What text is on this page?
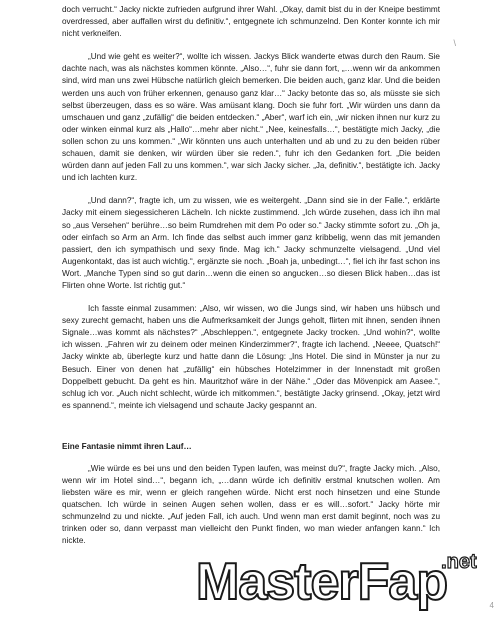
doch verrucht.“ Jacky nickte zufrieden aufgrund ihrer Wahl. „Okay, damit bist du in der Kneipe bestimmt overdressed, aber auffallen wirst du definitiv.“, entgegnete ich schmunzelnd. Den Konter konnte ich mir nicht verkneifen.

„Und wie geht es weiter?“, wollte ich wissen. Jackys Blick wanderte etwas durch den Raum. Sie dachte nach, was als nächstes kommen könnte. „Also…“, fuhr sie dann fort, „…wenn wir da ankommen sind, wird man uns zwei Hübsche natürlich gleich bemerken. Die beiden auch, ganz klar. Und die beiden werden uns auch von früher erkennen, genauso ganz klar…“ Jacky betonte das so, als müsste sie sich selbst überzeugen, dass es so wäre. Was amüsant klang. Doch sie fuhr fort. „Wir würden uns dann da umschauen und ganz „zufällig“ die beiden entdecken.“ „Aber“, warf ich ein, „wir nicken ihnen nur kurz zu oder winken einmal kurz als „Hallo“…mehr aber nicht.“ „Nee, keinesfalls…“, bestätigte mich Jacky, „die sollen schon zu uns kommen.“ „Wir könnten uns auch unterhalten und ab und zu zu den beiden rüber schauen, damit sie denken, wir würden über sie reden.“, fuhr ich den Gedanken fort. „Die beiden würden dann auf jeden Fall zu uns kommen.“, war sich Jacky sicher. „Ja, definitiv.“, bestätigte ich. Jacky und ich lachten kurz.

„Und dann?“, fragte ich, um zu wissen, wie es weitergeht. „Dann sind sie in der Falle.“, erklärte Jacky mit einem siegessicheren Lächeln. Ich nickte zustimmend. „Ich würde zusehen, dass ich ihn mal so „aus Versehen“ berühre…so beim Rumdrehen mit dem Po oder so.“ Jacky stimmte sofort zu. „Oh ja, oder einfach so Arm an Arm. Ich finde das selbst auch immer ganz kribbelig, wenn das mit jemanden passiert, den ich sympathisch und sexy finde. Mag ich.“ Jacky schmunzelte vielsagend. „Und viel Augenkontakt, das ist auch wichtig.“, ergänzte sie noch. „Boah ja, unbedingt…“, fiel ich ihr fast schon ins Wort. „Manche Typen sind so gut darin…wenn die einen so angucken…so diesen Blick haben…das ist Flirten ohne Worte. Ist richtig gut.“

Ich fasste einmal zusammen: „Also, wir wissen, wo die Jungs sind, wir haben uns hübsch und sexy zurecht gemacht, haben uns die Aufmerksamkeit der Jungs geholt, flirten mit ihnen, senden ihnen Signale…was kommt als nächstes?“ „Abschleppen.“, entgegnete Jacky trocken. „Und wohin?“, wollte ich wissen. „Fahren wir zu deinem oder meinen Kinderzimmer?“, fragte ich lachend. „Neeee, Quatsch!“ Jacky winkte ab, überlegte kurz und hatte dann die Lösung: „Ins Hotel. Die sind in Münster ja nur zu Besuch. Einer von denen hat „zufällig“ ein hübsches Hotelzimmer in der Innenstadt mit großen Doppelbett gebucht. Da geht es hin. Mauritzhof wäre in der Nähe.“ „Oder das Mövenpick am Aasee.“, schlug ich vor. „Auch nicht schlecht, würde ich mitkommen.“, bestätigte Jacky grinsend. „Okay, jetzt wird es spannend.“, meinte ich vielsagend und schaute Jacky gespannt an.

Eine Fantasie nimmt ihren Lauf…

„Wie würde es bei uns und den beiden Typen laufen, was meinst du?“, fragte Jacky mich. „Also, wenn wir im Hotel sind…“, begann ich, „…dann würde ich definitiv erstmal knutschen wollen. Am liebsten wäre es mir, wenn er gleich rangehen würde. Nicht erst noch hinsetzen und eine Stunde quatschen. Ich würde in seinen Augen sehen wollen, dass er es will…sofort.“ Jacky hörte mir schmunzelnd zu und nickte. „Auf jeden Fall, ich auch. Und wenn man erst damit beginnt, noch was zu trinken oder so, dann verpasst man vielleicht den Punkt finden, wo man wieder anfangen kann.“ Ich nickte.

\
MasterFap
.net
